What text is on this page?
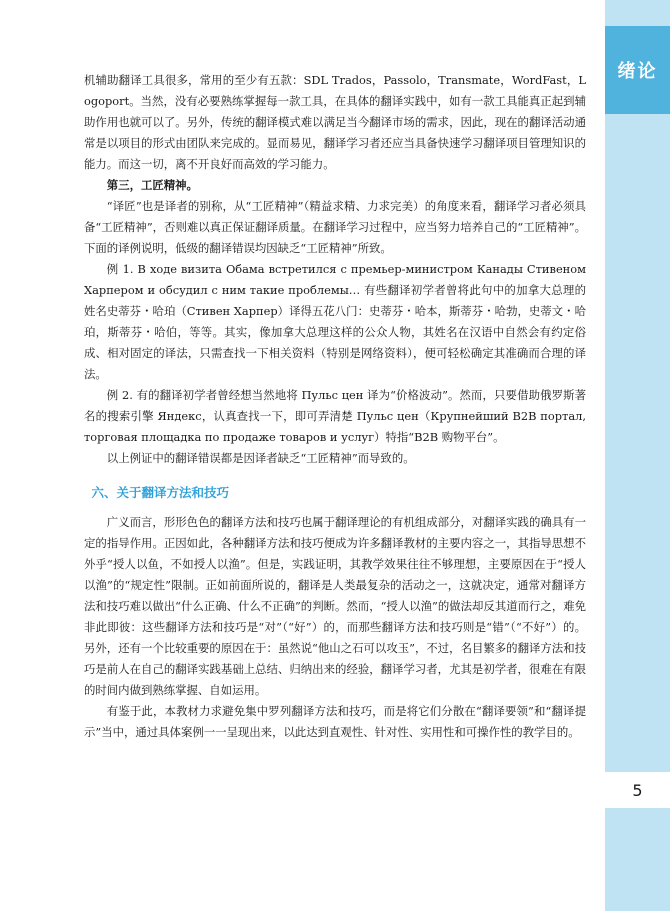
绪论
5

机辅助翻译工具很多，常用的至少有五款：SDL Trados，Passolo，Transmate，WordFast，Logoport。当然，没有必要熟练掌握每一款工具，在具体的翻译实践中，如有一款工具能真正起到辅助作用也就可以了。另外，传统的翻译模式难以满足当今翻译市场的需求，因此，现在的翻译活动通常是以项目的形式由团队来完成的。显而易见，翻译学习者还应当具备快速学习翻译项目管理知识的能力。而这一切，离不开良好而高效的学习能力。

第三，工匠精神。

“译匠”也是译者的别称，从“工匠精神”（精益求精、力求完美）的角度来看，翻译学习者必须具备“工匠精神”，否则难以真正保证翻译质量。在翻译学习过程中，应当努力培养自己的“工匠精神”。下面的译例说明，低级的翻译错误均因缺乏“工匠精神”所致。

例 1. В ходе визита Обама встретился с премьер-министром Канады Стивеном Харпером и обсудил с ним такие проблемы… 有些翻译初学者曾将此句中的加拿大总理的姓名史蒂芬・哈珀（Стивен Харпер）译得五花八门：史蒂芬・哈本，斯蒂芬・哈勃，史蒂文・哈珀，斯蒂芬・哈伯，等等。其实，像加拿大总理这样的公众人物，其姓名在汉语中自然会有约定俗成、相对固定的译法，只需查找一下相关资料（特别是网络资料），便可轻松确定其准确而合理的译法。

例 2. 有的翻译初学者曾经想当然地将 Пульс цен 译为“价格波动”。然而，只要借助俄罗斯著名的搜索引擎 Яндекс，认真查找一下，即可弄清楚 Пульс цен（Крупнейший B2B портал, торговая площадка по продаже товаров и услуг）特指“B2B 购物平台”。

以上例证中的翻译错误都是因译者缺乏“工匠精神”而导致的。

六、关于翻译方法和技巧

广义而言，形形色色的翻译方法和技巧也属于翻译理论的有机组成部分，对翻译实践的确具有一定的指导作用。正因如此，各种翻译方法和技巧便成为许多翻译教材的主要内容之一，其指导思想不外乎“授人以鱼，不如授人以渔”。但是，实践证明，其教学效果往往不够理想，主要原因在于“授人以渔”的“规定性”限制。正如前面所说的，翻译是人类最复杂的活动之一，这就决定，通常对翻译方法和技巧难以做出“什么正确、什么不正确”的判断。然而，“授人以渔”的做法却反其道而行之，难免非此即彼：这些翻译方法和技巧是“对”（“好”）的，而那些翻译方法和技巧则是“错”（“不好”）的。另外，还有一个比较重要的原因在于：虽然说“他山之石可以攻玉”，不过，名目繁多的翻译方法和技巧是前人在自己的翻译实践基础上总结、归纳出来的经验，翻译学习者，尤其是初学者，很难在有限的时间内做到熟练掌握、自如运用。

有鉴于此，本教材力求避免集中罗列翻译方法和技巧，而是将它们分散在“翻译要领”和“翻译提示”当中，通过具体案例一一呈现出来，以此达到直观性、针对性、实用性和可操作性的教学目的。
